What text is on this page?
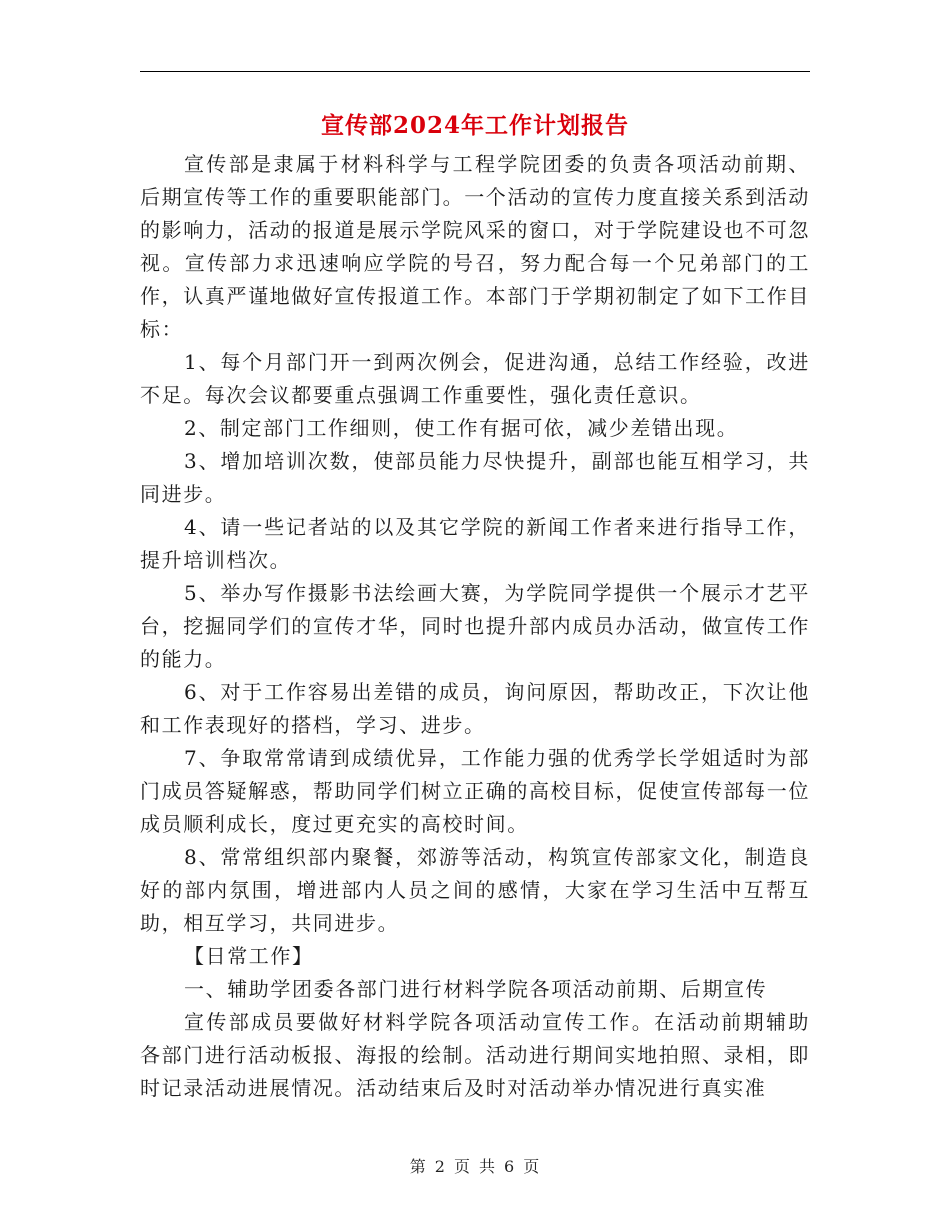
宣传部2024年工作计划报告

宣传部是隶属于材料科学与工程学院团委的负责各项活动前期、后期宣传等工作的重要职能部门。一个活动的宣传力度直接关系到活动的影响力，活动的报道是展示学院风采的窗口，对于学院建设也不可忽视。宣传部力求迅速响应学院的号召，努力配合每一个兄弟部门的工作，认真严谨地做好宣传报道工作。本部门于学期初制定了如下工作目标：

1、每个月部门开一到两次例会，促进沟通，总结工作经验，改进不足。每次会议都要重点强调工作重要性，强化责任意识。

2、制定部门工作细则，使工作有据可依，减少差错出现。

3、增加培训次数，使部员能力尽快提升，副部也能互相学习，共同进步。

4、请一些记者站的以及其它学院的新闻工作者来进行指导工作，提升培训档次。

5、举办写作摄影书法绘画大赛，为学院同学提供一个展示才艺平台，挖掘同学们的宣传才华，同时也提升部内成员办活动，做宣传工作的能力。

6、对于工作容易出差错的成员，询问原因，帮助改正，下次让他和工作表现好的搭档，学习、进步。

7、争取常常请到成绩优异，工作能力强的优秀学长学姐适时为部门成员答疑解惑，帮助同学们树立正确的高校目标，促使宣传部每一位成员顺利成长，度过更充实的高校时间。

8、常常组织部内聚餐，郊游等活动，构筑宣传部家文化，制造良好的部内氛围，增进部内人员之间的感情，大家在学习生活中互帮互助，相互学习，共同进步。

【日常工作】

一、辅助学团委各部门进行材料学院各项活动前期、后期宣传

宣传部成员要做好材料学院各项活动宣传工作。在活动前期辅助各部门进行活动板报、海报的绘制。活动进行期间实地拍照、录相，即时记录活动进展情况。活动结束后及时对活动举办情况进行真实准

第 2 页 共 6 页
